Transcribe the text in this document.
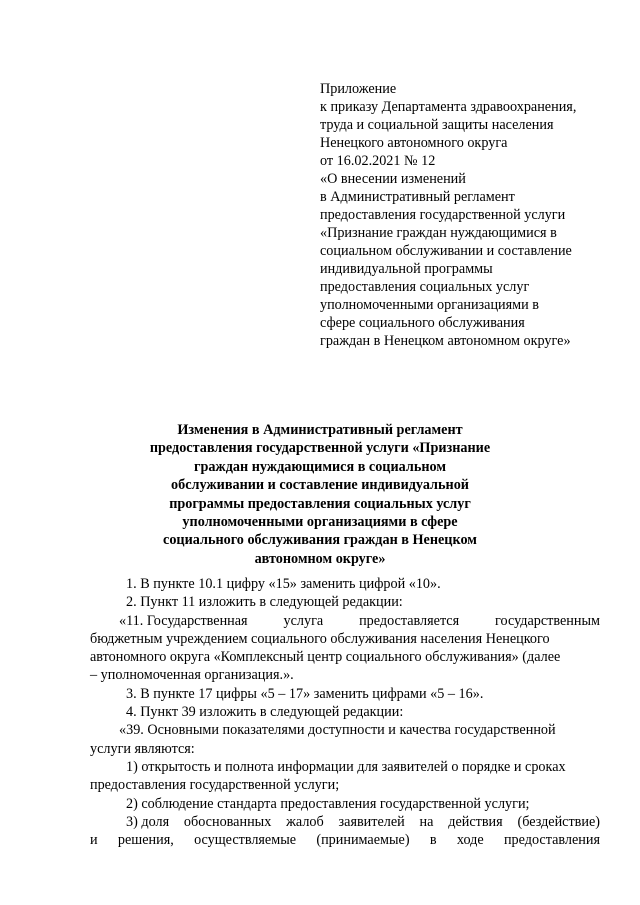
Приложение
к приказу Департамента здравоохранения,
труда и социальной защиты населения
Ненецкого автономного округа
от 16.02.2021 № 12
«О внесении изменений
в Административный регламент
предоставления государственной услуги
«Признание граждан нуждающимися в
социальном обслуживании и составление
индивидуальной программы
предоставления социальных услуг
уполномоченными организациями в
сфере социального обслуживания
граждан в Ненецком автономном округе»
Изменения в Административный регламент
предоставления государственной услуги «Признание
граждан нуждающимися в социальном
обслуживании и составление индивидуальной
программы предоставления социальных услуг
уполномоченными организациями в сфере
социального обслуживания граждан в Ненецком
автономном округе»
1. В пункте 10.1 цифру «15» заменить цифрой «10».
2. Пункт 11 изложить в следующей редакции:
«11. Государственная	услуга	предоставляется	государственным
бюджетным учреждением социального обслуживания населения Ненецкого
автономного округа «Комплексный центр социального обслуживания» (далее
– уполномоченная организация.».
3. В пункте 17 цифры «5 – 17» заменить цифрами «5 – 16».
4. Пункт 39 изложить в следующей редакции:
«39. Основными показателями доступности и качества государственной
услуги являются:
1) открытость и полнота информации для заявителей о порядке и сроках
предоставления государственной услуги;
2) соблюдение стандарта предоставления государственной услуги;
3) доля обоснованных жалоб заявителей на действия (бездействие)
и решения, осуществляемые (принимаемые) в ходе предоставления
